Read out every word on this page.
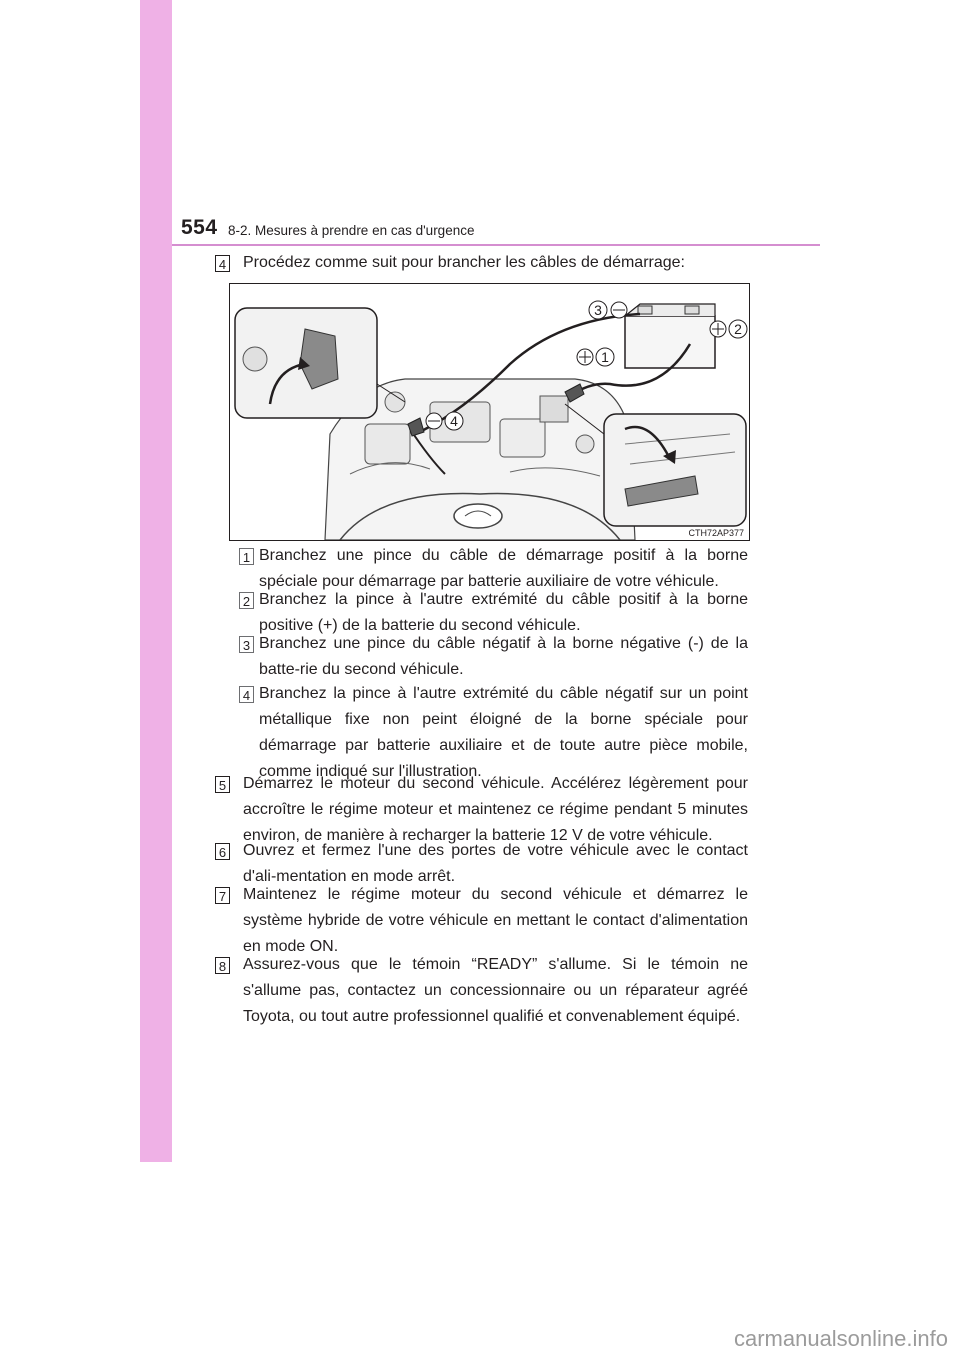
554 8-2. Mesures à prendre en cas d'urgence
4 Procédez comme suit pour brancher les câbles de démarrage:
1
2
3
4
CTH72AP377
1 Branchez une pince du câble de démarrage positif à la borne spéciale pour démarrage par batterie auxiliaire de votre véhicule.
2 Branchez la pince à l'autre extrémité du câble positif à la borne positive (+) de la batterie du second véhicule.
3 Branchez une pince du câble négatif à la borne négative (-) de la batte-rie du second véhicule.
4 Branchez la pince à l'autre extrémité du câble négatif sur un point métallique fixe non peint éloigné de la borne spéciale pour démarrage par batterie auxiliaire et de toute autre pièce mobile, comme indiqué sur l'illustration.
5 Démarrez le moteur du second véhicule. Accélérez légèrement pour accroître le régime moteur et maintenez ce régime pendant 5 minutes environ, de manière à recharger la batterie 12 V de votre véhicule.
6 Ouvrez et fermez l'une des portes de votre véhicule avec le contact d'ali-mentation en mode arrêt.
7 Maintenez le régime moteur du second véhicule et démarrez le système hybride de votre véhicule en mettant le contact d'alimentation en mode ON.
8 Assurez-vous que le témoin “READY” s'allume. Si le témoin ne s'allume pas, contactez un concessionnaire ou un réparateur agréé Toyota, ou tout autre professionnel qualifié et convenablement équipé.
carmanualsonline.info
